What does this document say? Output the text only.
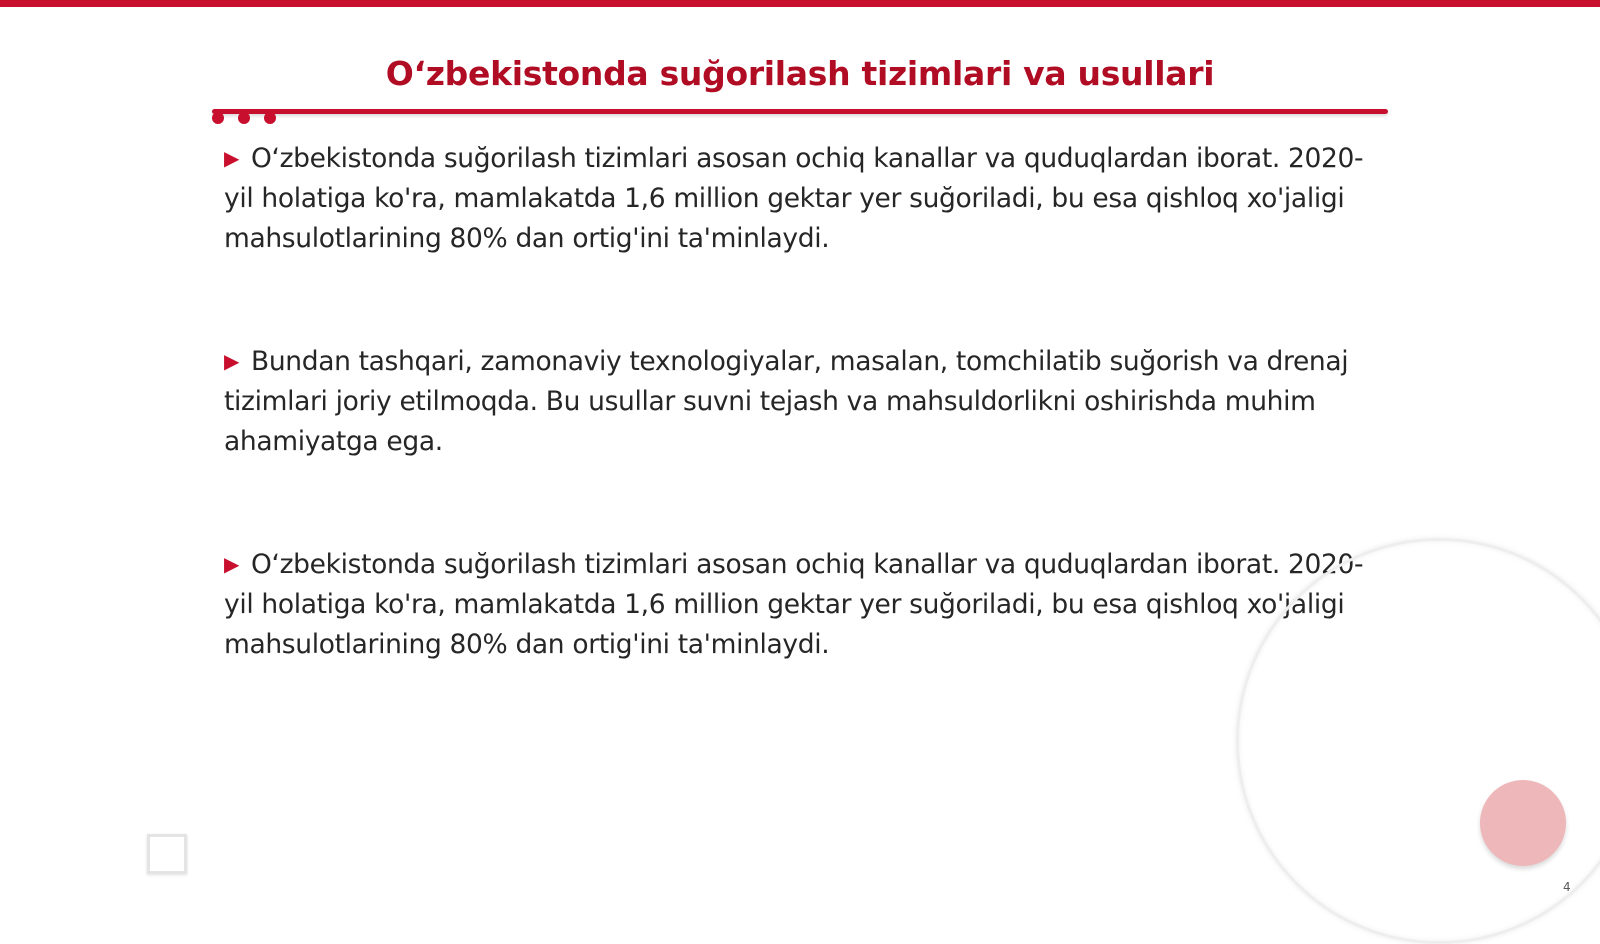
Oʻzbekistonda suğorilash tizimlari va usullari

▶ Oʻzbekistonda suğorilash tizimlari asosan ochiq kanallar va quduqlardan iborat. 2020-yil holatiga ko'ra, mamlakatda 1,6 million gektar yer suğoriladi, bu esa qishloq xo'jaligi mahsulotlarining 80% dan ortig'ini ta'minlaydi.

▶ Bundan tashqari, zamonaviy texnologiyalar, masalan, tomchilatib suğorish va drenaj tizimlari joriy etilmoqda. Bu usullar suvni tejash va mahsuldorlikni oshirishda muhim ahamiyatga ega.

▶ Oʻzbekistonda suğorilash tizimlari asosan ochiq kanallar va quduqlardan iborat. 2020-yil holatiga ko'ra, mamlakatda 1,6 million gektar yer suğoriladi, bu esa qishloq xo'jaligi mahsulotlarining 80% dan ortig'ini ta'minlaydi.

4
